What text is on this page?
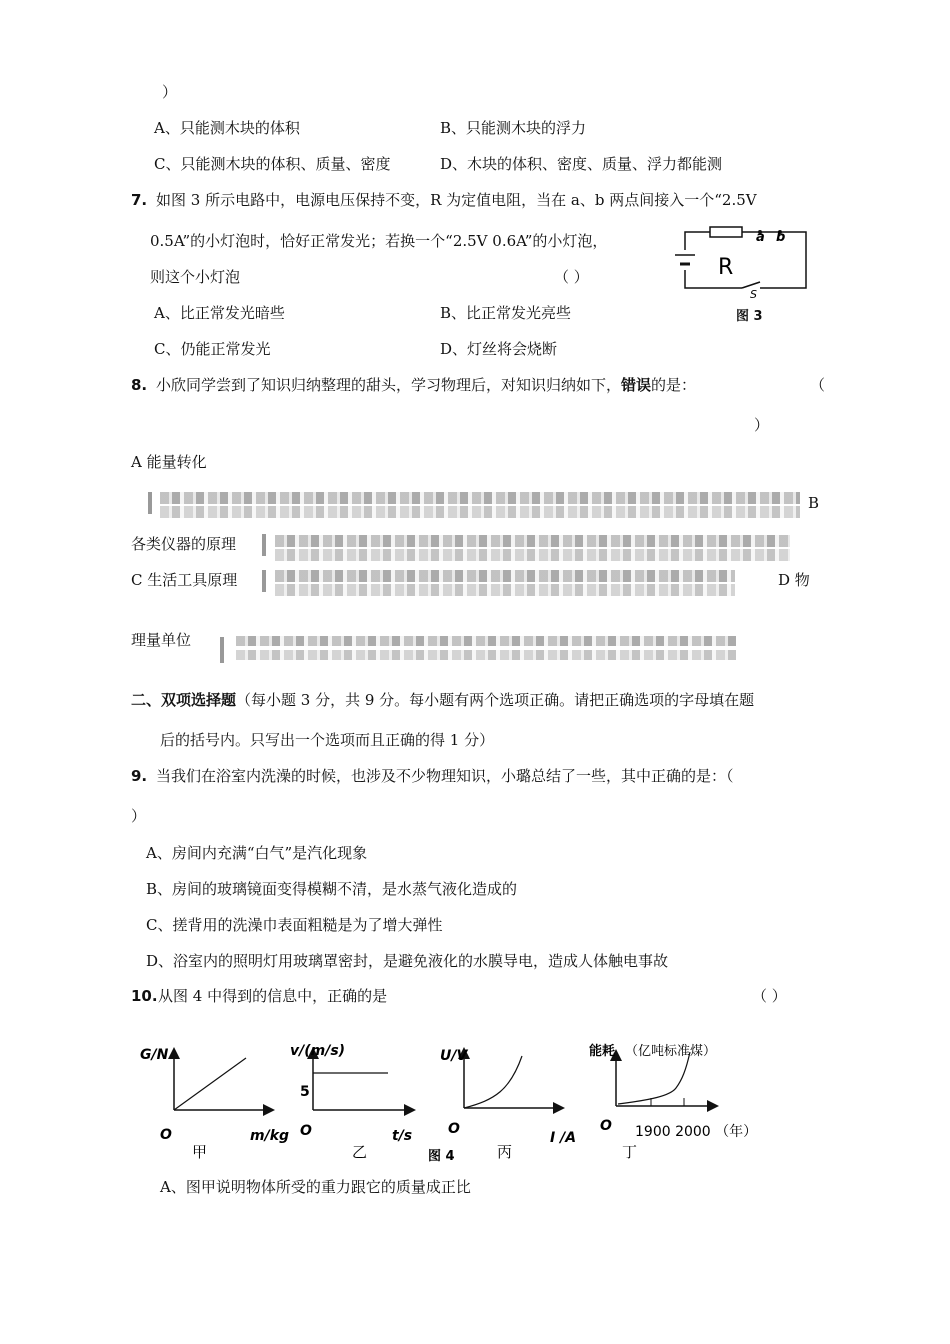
）
A、只能测木块的体积	B、只能测木块的浮力
C、只能测木块的体积、质量、密度	D、木块的体积、密度、质量、浮力都能测
7. 如图 3 所示电路中，电源电压保持不变，R 为定值电阻，当在 a、b 两点间接入一个“2.5V
0.5A”的小灯泡时，恰好正常发光；若换一个“2.5V 0.6A”的小灯泡，
则这个小灯泡	（ ）
a b
R
S
图 3
A、比正常发光暗些	B、比正常发光亮些
C、仍能正常发光	D、灯丝将会烧断
8. 小欣同学尝到了知识归纳整理的甜头，学习物理后，对知识归纳如下，错误的是：	（
）
A 能量转化
B
各类仪器的原理
C 生活工具原理	D 物
理量单位
二、双项选择题（每小题 3 分，共 9 分。每小题有两个选项正确。请把正确选项的字母填在题
后的括号内。只写出一个选项而且正确的得 1 分）
9. 当我们在浴室内洗澡的时候，也涉及不少物理知识，小璐总结了一些，其中正确的是：（
）
A、房间内充满“白气”是汽化现象
B、房间的玻璃镜面变得模糊不清，是水蒸气液化造成的
C、搓背用的洗澡巾表面粗糙是为了增大弹性
D、浴室内的照明灯用玻璃罩密封，是避免液化的水膜导电，造成人体触电事故
10. 从图 4 中得到的信息中，正确的是	（ ）
G/N
O	m/kg
甲
v/(m/s)
5
O	t/s
乙
U/V
O
I /A
丙
能耗 （亿吨标准煤）
O 1900 2000 （年）
丁
图 4
A、图甲说明物体所受的重力跟它的质量成正比
